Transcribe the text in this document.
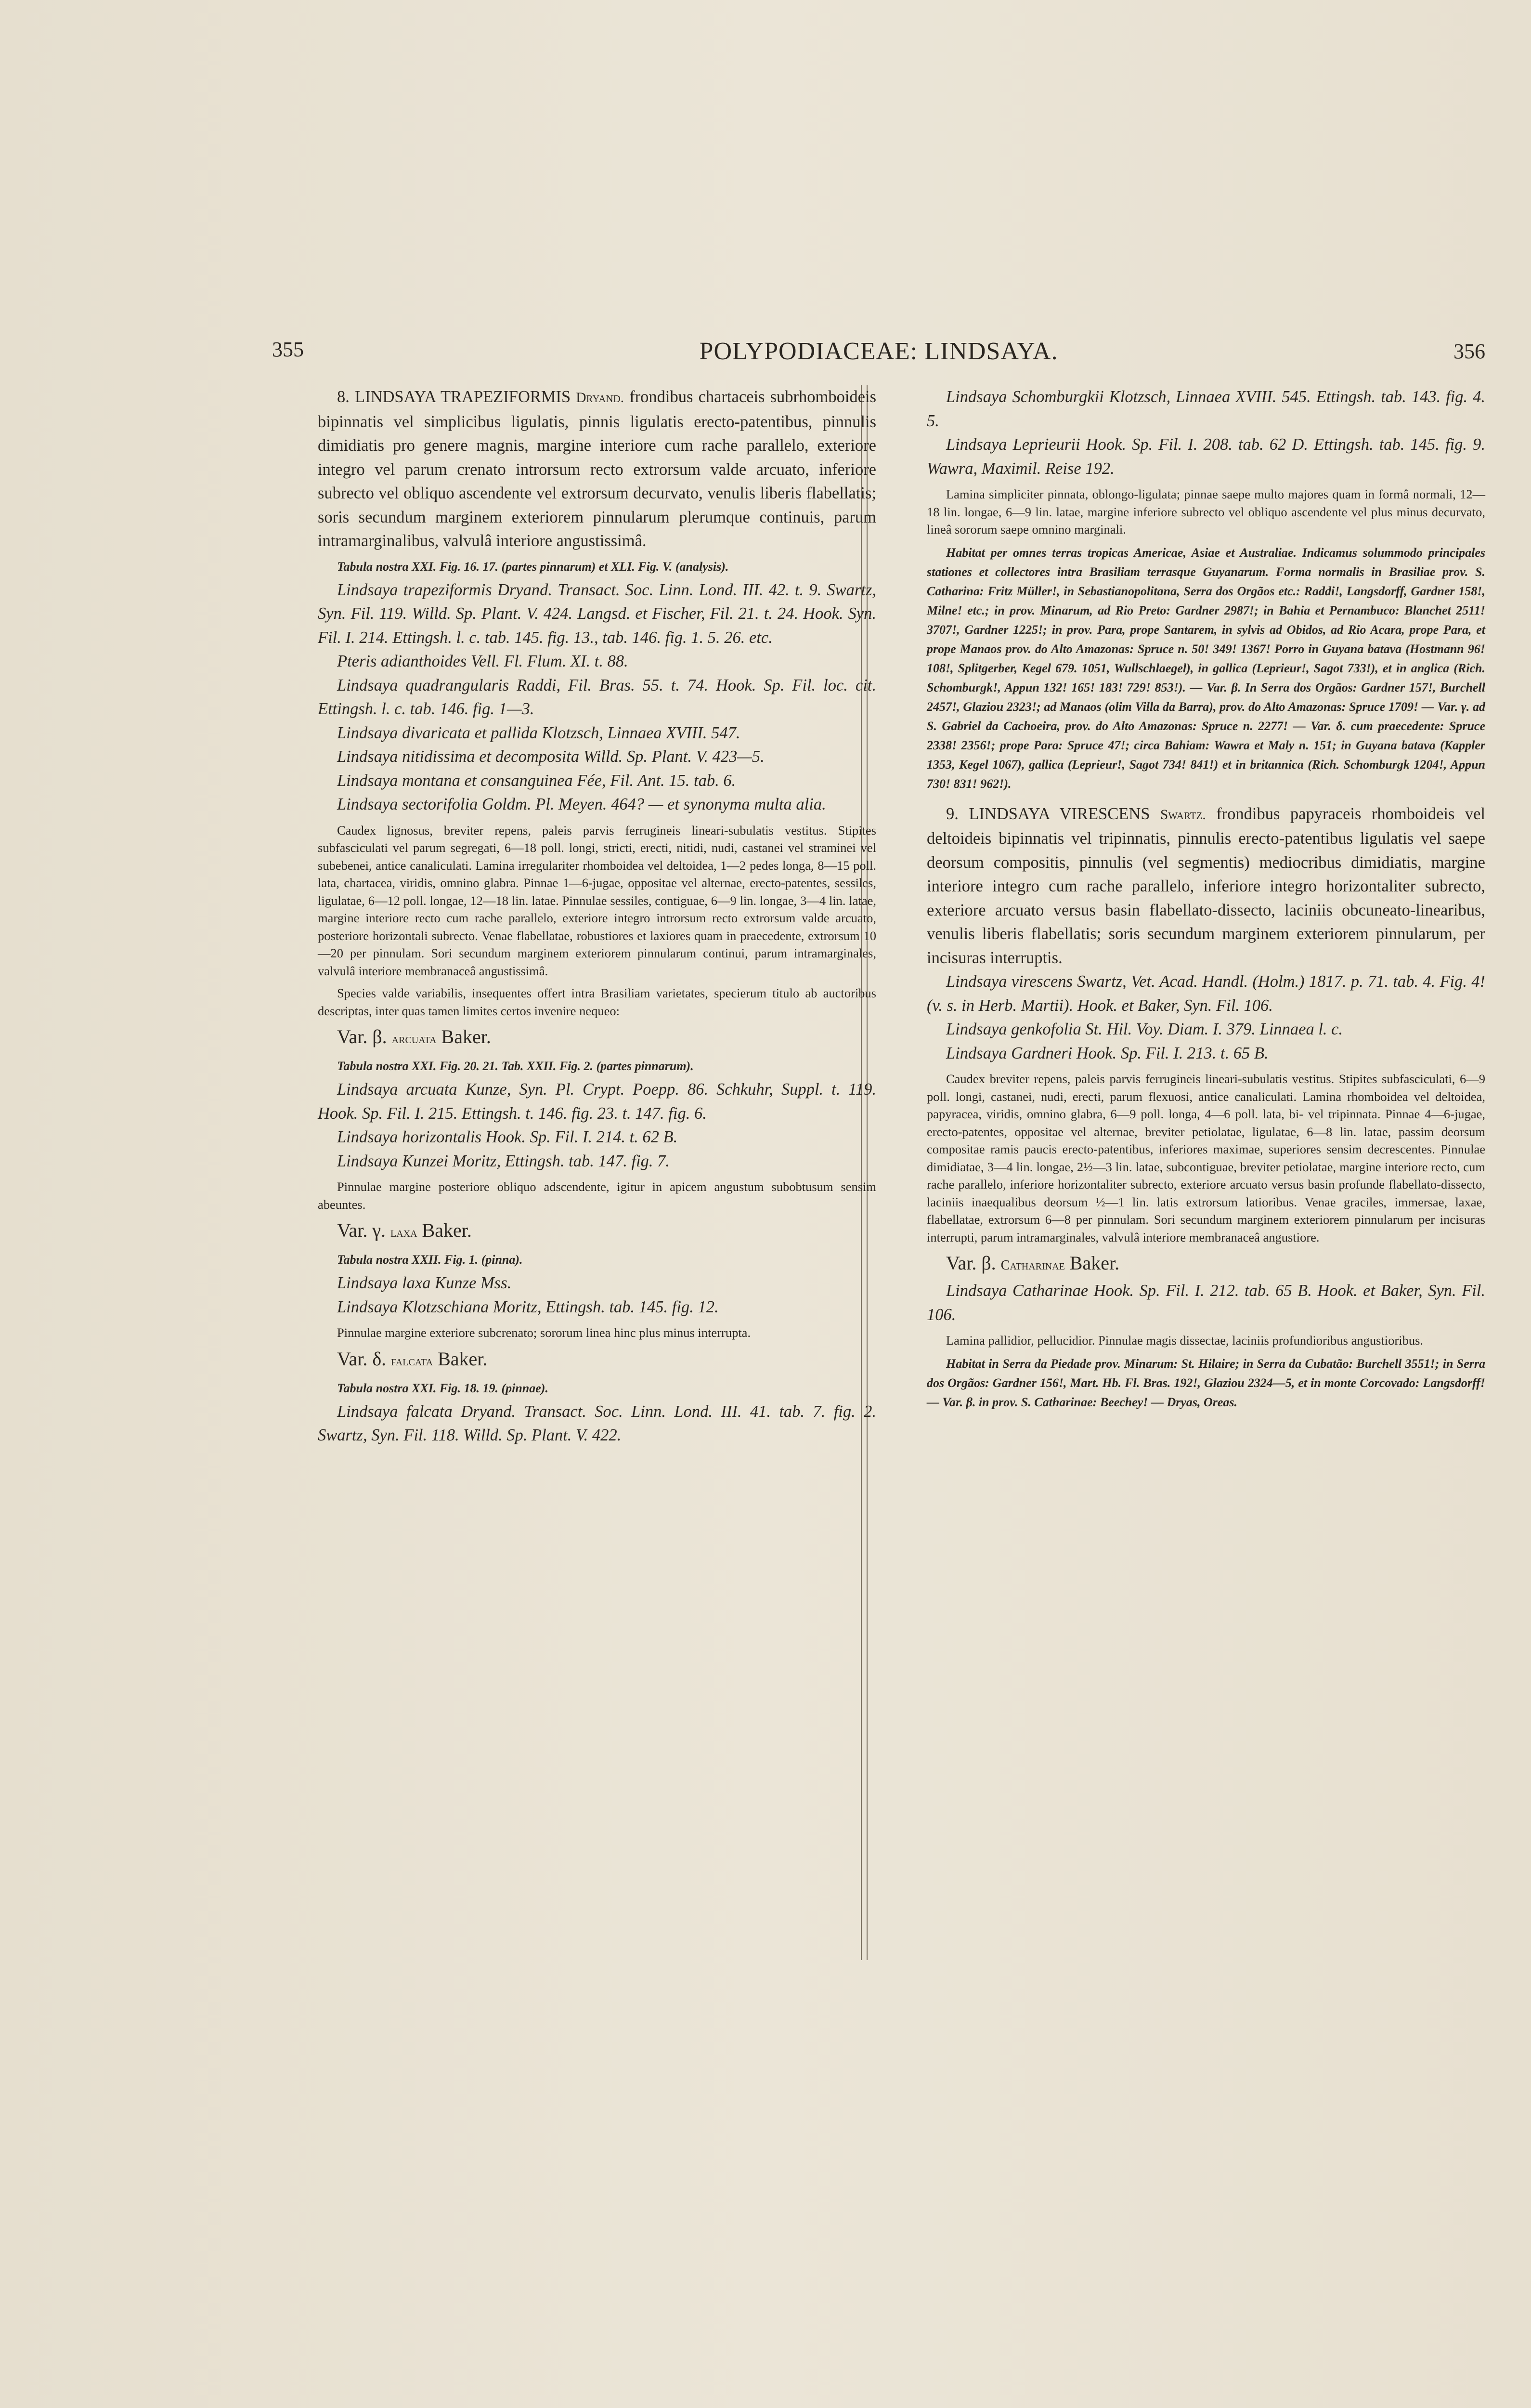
355	POLYPODIACEAE: LINDSAYA.	356

8. LINDSAYA TRAPEZIFORMIS Dryand. frondibus chartaceis subrhomboideis bipinnatis vel simplicibus ligulatis, pinnis ligulatis erecto-patentibus, pinnulis dimidiatis pro genere magnis, margine interiore cum rache parallelo, exteriore integro vel parum crenato introrsum recto extrorsum valde arcuato, inferiore subrecto vel obliquo ascendente vel extrorsum decurvato, venulis liberis flabellatis; soris secundum marginem exteriorem pinnularum plerumque continuis, parum intramarginalibus, valvulâ interiore angustissimâ.

Tabula nostra XXI. Fig. 16. 17. (partes pinnarum) et XLI. Fig. V. (analysis).

Lindsaya trapeziformis Dryand. Transact. Soc. Linn. Lond. III. 42. t. 9. Swartz, Syn. Fil. 119. Willd. Sp. Plant. V. 424. Langsd. et Fischer, Fil. 21. t. 24. Hook. Syn. Fil. I. 214. Ettingsh. l. c. tab. 145. fig. 13., tab. 146. fig. 1. 5. 26. etc.

Pteris adianthoides Vell. Fl. Flum. XI. t. 88.

Lindsaya quadrangularis Raddi, Fil. Bras. 55. t. 74. Hook. Sp. Fil. loc. cit. Ettingsh. l. c. tab. 146. fig. 1—3.

Lindsaya divaricata et pallida Klotzsch, Linnaea XVIII. 547.

Lindsaya nitidissima et decomposita Willd. Sp. Plant. V. 423—5.

Lindsaya montana et consanguinea Fée, Fil. Ant. 15. tab. 6.

Lindsaya sectorifolia Goldm. Pl. Meyen. 464? — et synonyma multa alia.

Caudex lignosus, breviter repens, paleis parvis ferrugineis lineari-subulatis vestitus. Stipites subfasciculati vel parum segregati, 6—18 poll. longi, stricti, erecti, nitidi, nudi, castanei vel straminei vel subebenei, antice canaliculati. Lamina irregulariter rhomboidea vel deltoidea, 1—2 pedes longa, 8—15 poll. lata, chartacea, viridis, omnino glabra. Pinnae 1—6-jugae, oppositae vel alternae, erecto-patentes, sessiles, ligulatae, 6—12 poll. longae, 12—18 lin. latae. Pinnulae sessiles, contiguae, 6—9 lin. longae, 3—4 lin. latae, margine interiore recto cum rache parallelo, exteriore integro introrsum recto extrorsum valde arcuato, posteriore horizontali subrecto. Venae flabellatae, robustiores et laxiores quam in praecedente, extrorsum 10—20 per pinnulam. Sori secundum marginem exteriorem pinnularum continui, parum intramarginales, valvulâ interiore membranaceâ angustissimâ.

Species valde variabilis, insequentes offert intra Brasiliam varietates, specierum titulo ab auctoribus descriptas, inter quas tamen limites certos invenire nequeo:

Var. β. arcuata Baker.

Tabula nostra XXI. Fig. 20. 21. Tab. XXII. Fig. 2. (partes pinnarum).

Lindsaya arcuata Kunze, Syn. Pl. Crypt. Poepp. 86. Schkuhr, Suppl. t. 119. Hook. Sp. Fil. I. 215. Ettingsh. t. 146. fig. 23. t. 147. fig. 6.

Lindsaya horizontalis Hook. Sp. Fil. I. 214. t. 62 B.

Lindsaya Kunzei Moritz, Ettingsh. tab. 147. fig. 7.

Pinnulae margine posteriore obliquo adscendente, igitur in apicem angustum subobtusum sensim abeuntes.

Var. γ. laxa Baker.

Tabula nostra XXII. Fig. 1. (pinna).

Lindsaya laxa Kunze Mss.

Lindsaya Klotzschiana Moritz, Ettingsh. tab. 145. fig. 12.

Pinnulae margine exteriore subcrenato; sororum linea hinc plus minus interrupta.

Var. δ. falcata Baker.

Tabula nostra XXI. Fig. 18. 19. (pinnae).

Lindsaya falcata Dryand. Transact. Soc. Linn. Lond. III. 41. tab. 7. fig. 2. Swartz, Syn. Fil. 118. Willd. Sp. Plant. V. 422.

Lindsaya Schomburgkii Klotzsch, Linnaea XVIII. 545. Ettingsh. tab. 143. fig. 4. 5.

Lindsaya Leprieurii Hook. Sp. Fil. I. 208. tab. 62 D. Ettingsh. tab. 145. fig. 9. Wawra, Maximil. Reise 192.

Lamina simpliciter pinnata, oblongo-ligulata; pinnae saepe multo majores quam in formâ normali, 12—18 lin. longae, 6—9 lin. latae, margine inferiore subrecto vel obliquo ascendente vel plus minus decurvato, lineâ sororum saepe omnino marginali.

Habitat per omnes terras tropicas Americae, Asiae et Australiae. Indicamus solummodo principales stationes et collectores intra Brasiliam terrasque Guyanarum. Forma normalis in Brasiliae prov. S. Catharina: Fritz Müller!, in Sebastianopolitana, Serra dos Orgãos etc.: Raddi!, Langsdorff, Gardner 158!, Milne! etc.; in prov. Minarum, ad Rio Preto: Gardner 2987!; in Bahia et Pernambuco: Blanchet 2511! 3707!, Gardner 1225!; in prov. Para, prope Santarem, in sylvis ad Obidos, ad Rio Acara, prope Para, et prope Manaos prov. do Alto Amazonas: Spruce n. 50! 349! 1367! Porro in Guyana batava (Hostmann 96! 108!, Splitgerber, Kegel 679. 1051, Wullschlaegel), in gallica (Leprieur!, Sagot 733!), et in anglica (Rich. Schomburgk!, Appun 132! 165! 183! 729! 853!). — Var. β. In Serra dos Orgãos: Gardner 157!, Burchell 2457!, Glaziou 2323!; ad Manaos (olim Villa da Barra), prov. do Alto Amazonas: Spruce 1709! — Var. γ. ad S. Gabriel da Cachoeira, prov. do Alto Amazonas: Spruce n. 2277! — Var. δ. cum praecedente: Spruce 2338! 2356!; prope Para: Spruce 47!; circa Bahiam: Wawra et Maly n. 151; in Guyana batava (Kappler 1353, Kegel 1067), gallica (Leprieur!, Sagot 734! 841!) et in britannica (Rich. Schomburgk 1204!, Appun 730! 831! 962!).

9. LINDSAYA VIRESCENS Swartz. frondibus papyraceis rhomboideis vel deltoideis bipinnatis vel tripinnatis, pinnulis erecto-patentibus ligulatis vel saepe deorsum compositis, pinnulis (vel segmentis) mediocribus dimidiatis, margine interiore integro cum rache parallelo, inferiore integro horizontaliter subrecto, exteriore arcuato versus basin flabellato-dissecto, laciniis obcuneato-linearibus, venulis liberis flabellatis; soris secundum marginem exteriorem pinnularum, per incisuras interruptis.

Lindsaya virescens Swartz, Vet. Acad. Handl. (Holm.) 1817. p. 71. tab. 4. Fig. 4! (v. s. in Herb. Martii). Hook. et Baker, Syn. Fil. 106.

Lindsaya genkofolia St. Hil. Voy. Diam. I. 379. Linnaea l. c.

Lindsaya Gardneri Hook. Sp. Fil. I. 213. t. 65 B.

Caudex breviter repens, paleis parvis ferrugineis lineari-subulatis vestitus. Stipites subfasciculati, 6—9 poll. longi, castanei, nudi, erecti, parum flexuosi, antice canaliculati. Lamina rhomboidea vel deltoidea, papyracea, viridis, omnino glabra, 6—9 poll. longa, 4—6 poll. lata, bi- vel tripinnata. Pinnae 4—6-jugae, erecto-patentes, oppositae vel alternae, breviter petiolatae, ligulatae, 6—8 lin. latae, passim deorsum compositae ramis paucis erecto-patentibus, inferiores maximae, superiores sensim decrescentes. Pinnulae dimidiatae, 3—4 lin. longae, 2½—3 lin. latae, subcontiguae, breviter petiolatae, margine interiore recto, cum rache parallelo, inferiore horizontaliter subrecto, exteriore arcuato versus basin profunde flabellato-dissecto, laciniis inaequalibus deorsum ½—1 lin. latis extrorsum latioribus. Venae graciles, immersae, laxae, flabellatae, extrorsum 6—8 per pinnulam. Sori secundum marginem exteriorem pinnularum per incisuras interrupti, parum intramarginales, valvulâ interiore membranaceâ angustiore.

Var. β. Catharinae Baker.

Lindsaya Catharinae Hook. Sp. Fil. I. 212. tab. 65 B. Hook. et Baker, Syn. Fil. 106.

Lamina pallidior, pellucidior. Pinnulae magis dissectae, laciniis profundioribus angustioribus.

Habitat in Serra da Piedade prov. Minarum: St. Hilaire; in Serra da Cubatão: Burchell 3551!; in Serra dos Orgãos: Gardner 156!, Mart. Hb. Fl. Bras. 192!, Glaziou 2324—5, et in monte Corcovado: Langsdorff! — Var. β. in prov. S. Catharinae: Beechey! — Dryas, Oreas.
